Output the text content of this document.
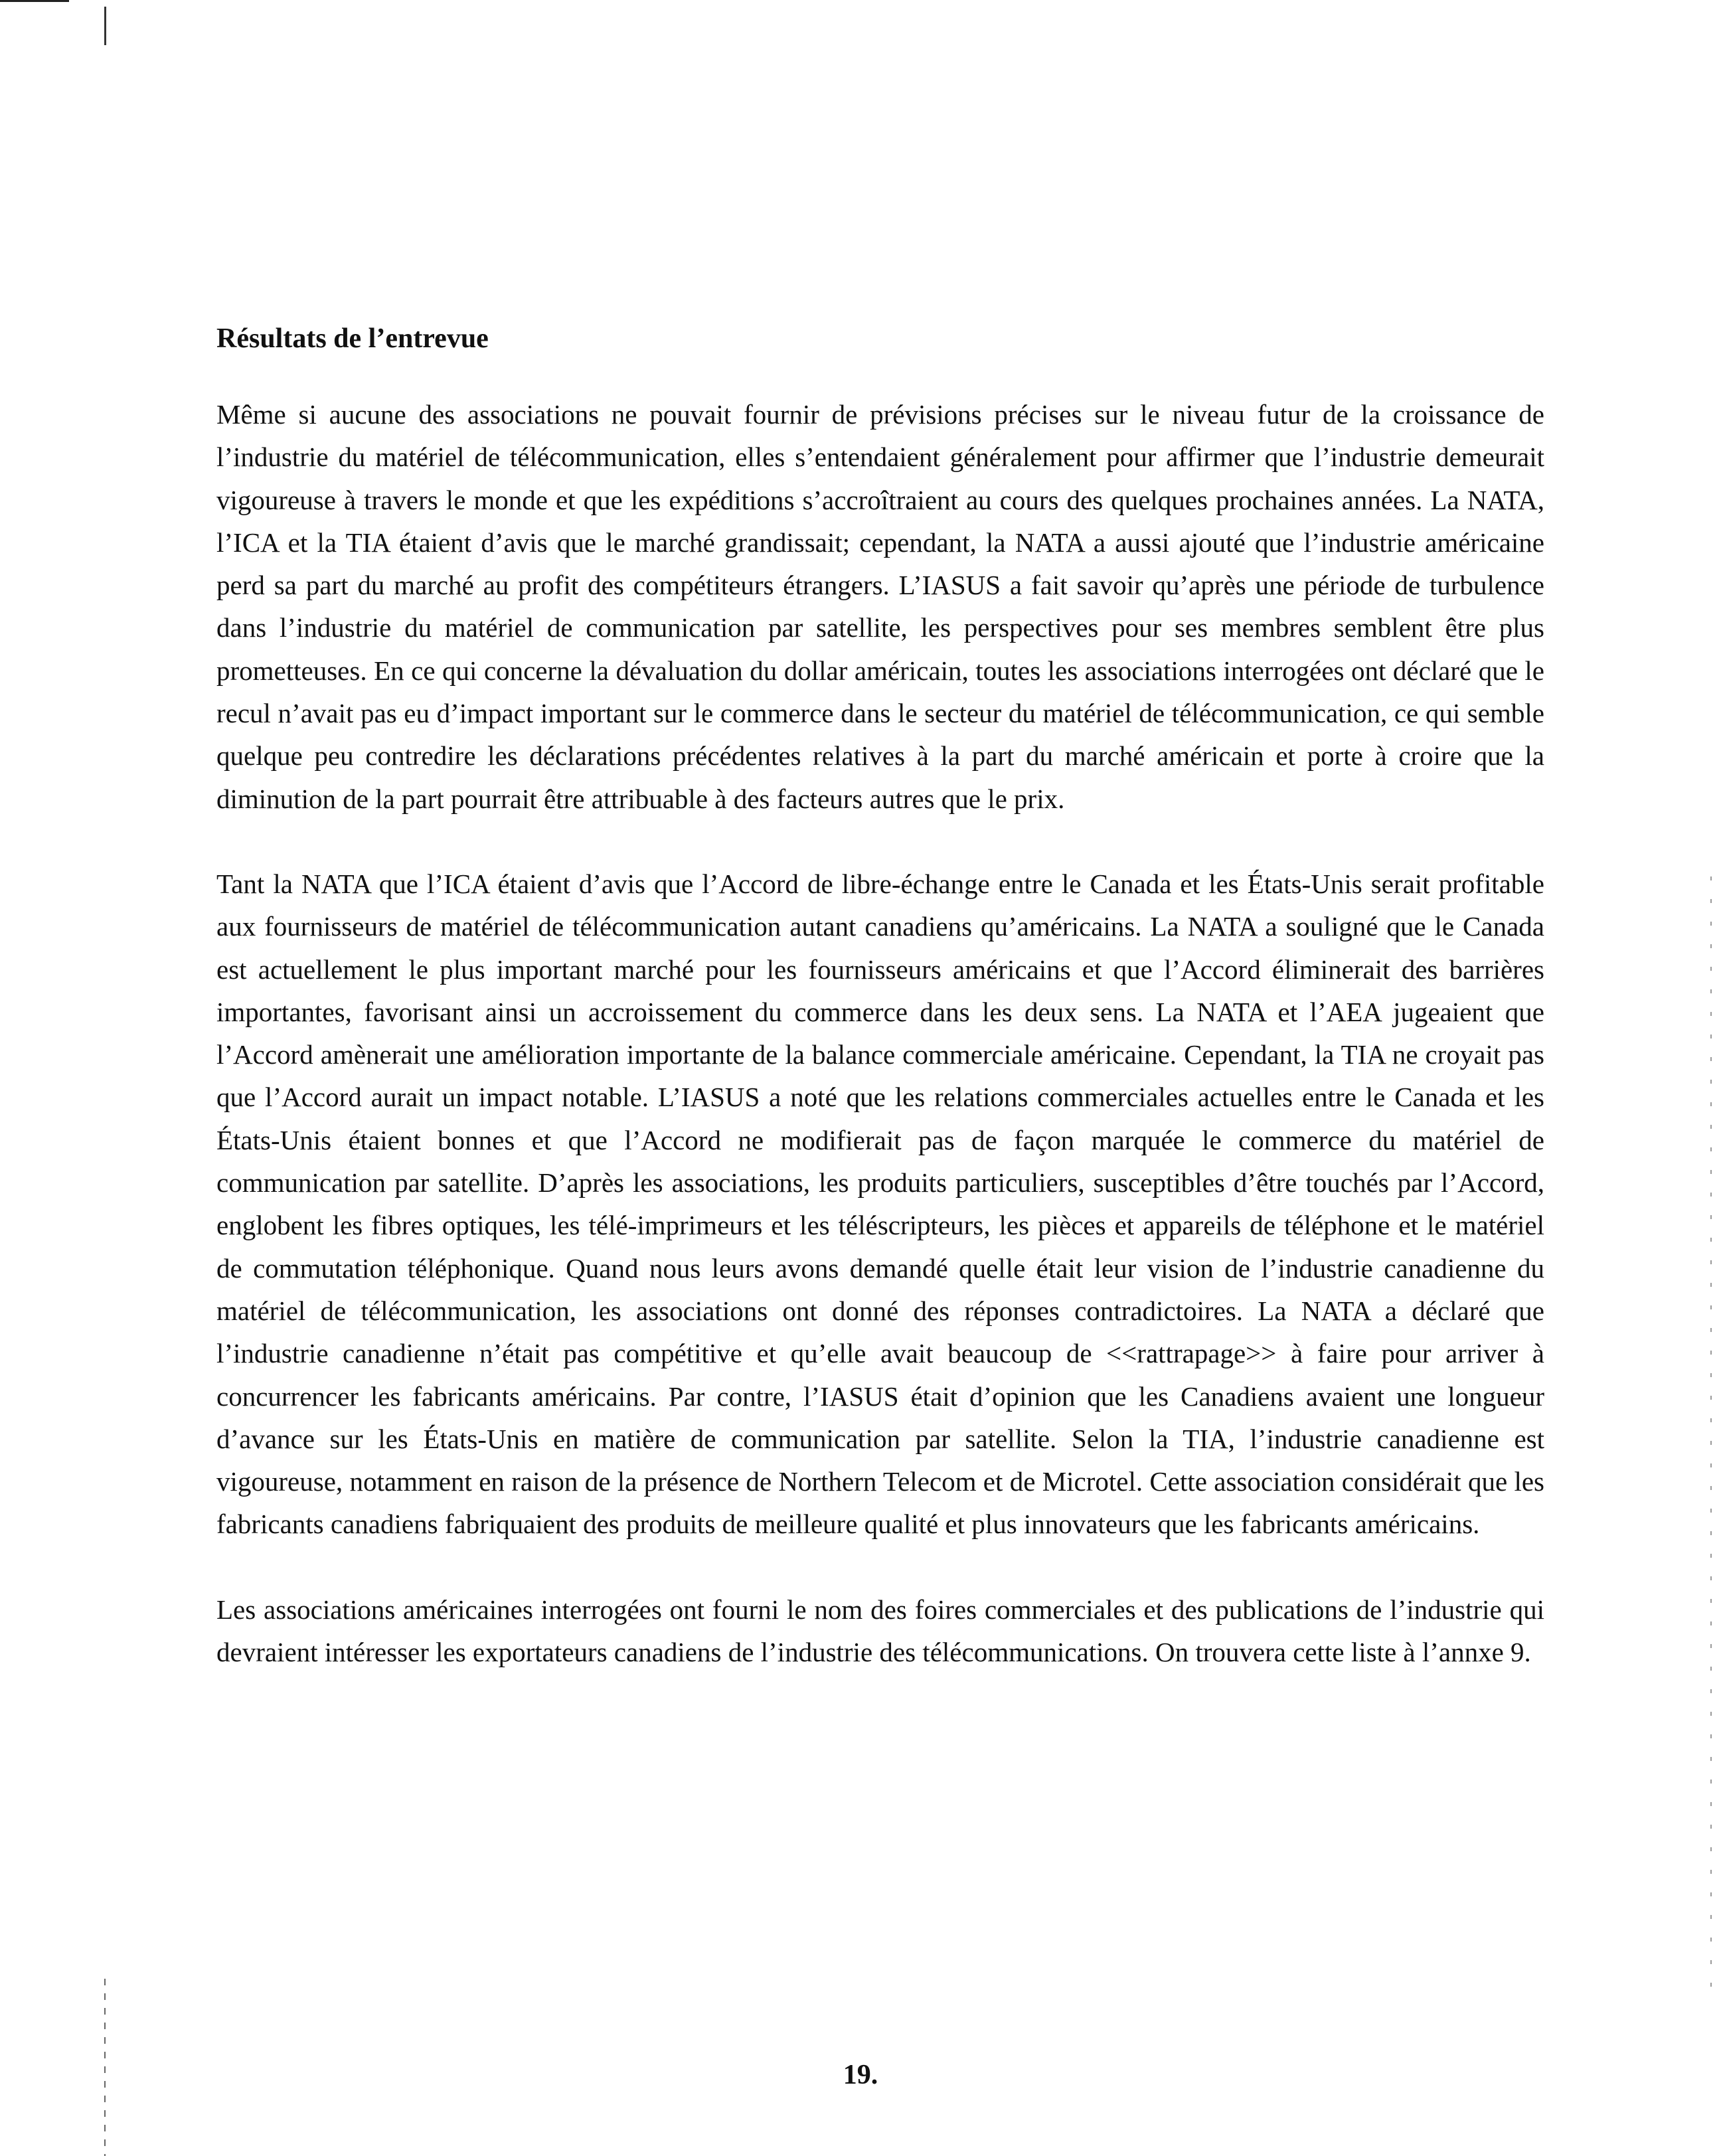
Résultats de l’entrevue

Même si aucune des associations ne pouvait fournir de prévisions précises sur le niveau futur de la croissance de l’industrie du matériel de télécommunication, elles s’entendaient généralement pour affirmer que l’industrie demeurait vigoureuse à travers le monde et que les expéditions s’accroîtraient au cours des quelques prochaines années. La NATA, l’ICA et la TIA étaient d’avis que le marché grandissait; cependant, la NATA a aussi ajouté que l’industrie américaine perd sa part du marché au profit des compétiteurs étrangers. L’IASUS a fait savoir qu’après une période de turbulence dans l’industrie du matériel de communication par satellite, les perspectives pour ses membres semblent être plus prometteuses. En ce qui concerne la dévaluation du dollar américain, toutes les associations interrogées ont déclaré que le recul n’avait pas eu d’impact important sur le commerce dans le secteur du matériel de télécommunication, ce qui semble quelque peu contredire les déclarations précédentes relatives à la part du marché américain et porte à croire que la diminution de la part pourrait être attribuable à des facteurs autres que le prix.

Tant la NATA que l’ICA étaient d’avis que l’Accord de libre-échange entre le Canada et les États-Unis serait profitable aux fournisseurs de matériel de télécommunication autant canadiens qu’américains. La NATA a souligné que le Canada est actuellement le plus important marché pour les fournisseurs américains et que l’Accord éliminerait des barrières importantes, favorisant ainsi un accroissement du commerce dans les deux sens. La NATA et l’AEA jugeaient que l’Accord amènerait une amélioration importante de la balance commerciale américaine. Cependant, la TIA ne croyait pas que l’Accord aurait un impact notable. L’IASUS a noté que les relations commerciales actuelles entre le Canada et les États-Unis étaient bonnes et que l’Accord ne modifierait pas de façon marquée le commerce du matériel de communication par satellite. D’après les associations, les produits particuliers, susceptibles d’être touchés par l’Accord, englobent les fibres optiques, les télé-imprimeurs et les téléscripteurs, les pièces et appareils de téléphone et le matériel de commutation téléphonique. Quand nous leurs avons demandé quelle était leur vision de l’industrie canadienne du matériel de télécommunication, les associations ont donné des réponses contradictoires. La NATA a déclaré que l’industrie canadienne n’était pas compétitive et qu’elle avait beaucoup de <<rattrapage>> à faire pour arriver à concurrencer les fabricants américains. Par contre, l’IASUS était d’opinion que les Canadiens avaient une longueur d’avance sur les États-Unis en matière de communication par satellite. Selon la TIA, l’industrie canadienne est vigoureuse, notamment en raison de la présence de Northern Telecom et de Microtel. Cette association considérait que les fabricants canadiens fabriquaient des produits de meilleure qualité et plus innovateurs que les fabricants américains.

Les associations américaines interrogées ont fourni le nom des foires commerciales et des publications de l’industrie qui devraient intéresser les exportateurs canadiens de l’industrie des télécommunications. On trouvera cette liste à l’annxe 9.

19.
